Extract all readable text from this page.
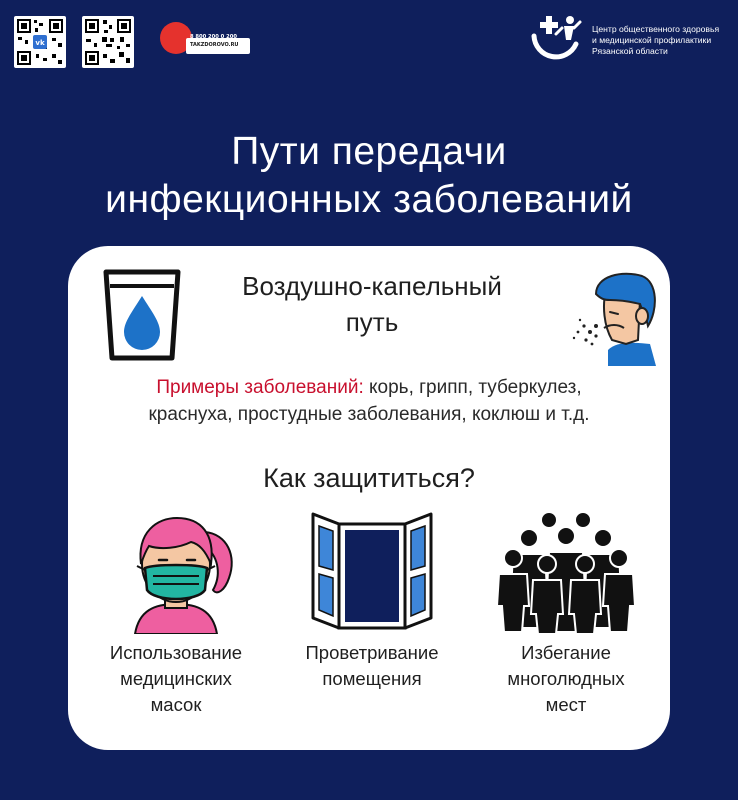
vk
8 800 200 0 200
TAKZDOROVO.RU
Центр общественного здоровья
и медицинской профилактики
Рязанской области
Пути передачи
инфекционных заболеваний
Воздушно-капельный
путь
Примеры заболеваний: корь, грипп, туберкулез,
краснуха, простудные заболевания, коклюш и т.д.
Как защититься?
Использование
медицинских
масок
Проветривание
помещения
Избегание
многолюдных
мест
